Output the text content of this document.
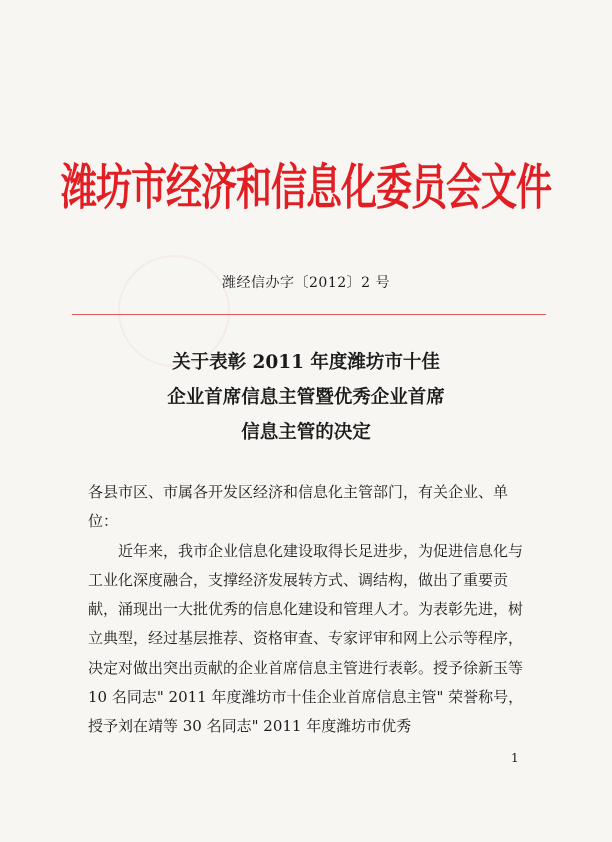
潍坊市经济和信息化委员会文件
潍经信办字〔2012〕2 号
关于表彰 2011 年度潍坊市十佳
企业首席信息主管暨优秀企业首席
信息主管的决定

各县市区、市属各开发区经济和信息化主管部门，有关企业、单位：

近年来，我市企业信息化建设取得长足进步，为促进信息化与工业化深度融合，支撑经济发展转方式、调结构，做出了重要贡献，涌现出一大批优秀的信息化建设和管理人才。为表彰先进，树立典型，经过基层推荐、资格审查、专家评审和网上公示等程序，决定对做出突出贡献的企业首席信息主管进行表彰。授予徐新玉等 10 名同志" 2011 年度潍坊市十佳企业首席信息主管" 荣誉称号，授予刘在靖等 30 名同志" 2011 年度潍坊市优秀

1
